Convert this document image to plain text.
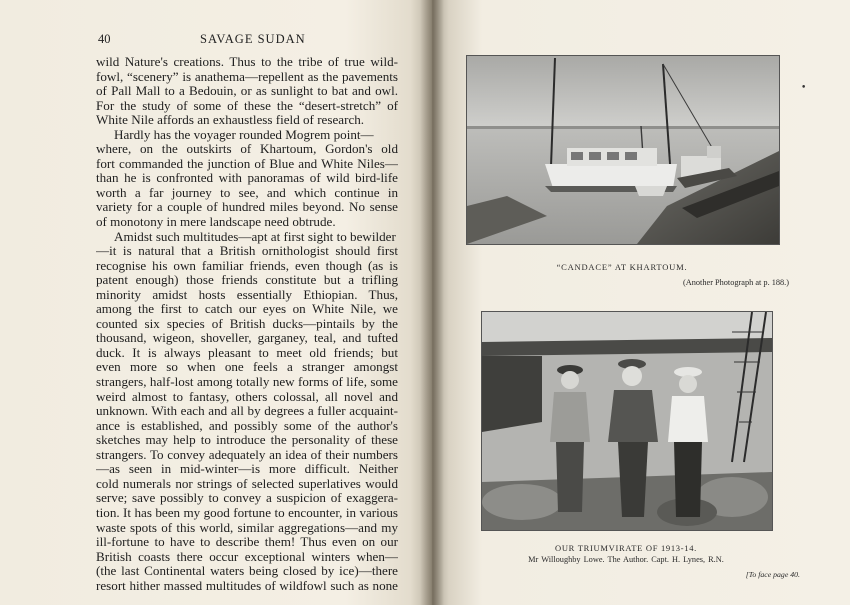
40	SAVAGE SUDAN
wild Nature's creations. Thus to the tribe of true wild-
fowl, “scenery” is anathema—repellent as the pavements
of Pall Mall to a Bedouin, or as sunlight to bat and owl.
For the study of some of these the “desert-stretch” of
White Nile affords an exhaustless field of research.
Hardly has the voyager rounded Mogrem point—
where, on the outskirts of Khartoum, Gordon's old
fort commanded the junction of Blue and White Niles—
than he is confronted with panoramas of wild bird-life
worth a far journey to see, and which continue in
variety for a couple of hundred miles beyond. No sense
of monotony in mere landscape need obtrude.
Amidst such multitudes—apt at first sight to bewilder
—it is natural that a British ornithologist should first
recognise his own familiar friends, even though (as is
patent enough) those friends constitute but a trifling
minority amidst hosts essentially Ethiopian. Thus,
among the first to catch our eyes on White Nile, we
counted six species of British ducks—pintails by the
thousand, wigeon, shoveller, garganey, teal, and tufted
duck. It is always pleasant to meet old friends; but
even more so when one feels a stranger amongst
strangers, half-lost among totally new forms of life, some
weird almost to fantasy, others colossal, all novel and
unknown. With each and all by degrees a fuller acquaint-
ance is established, and possibly some of the author's
sketches may help to introduce the personality of these
strangers. To convey adequately an idea of their numbers
—as seen in mid-winter—is more difficult. Neither
cold numerals nor strings of selected superlatives would
serve; save possibly to convey a suspicion of exaggera-
tion. It has been my good fortune to encounter, in various
waste spots of this world, similar aggregations—and my
ill-fortune to have to describe them! Thus even on our
British coasts there occur exceptional winters when—
(the last Continental waters being closed by ice)—there
resort hither massed multitudes of wildfowl such as none
“CANDACE” AT KHARTOUM.
(Another Photograph at p. 188.)
OUR TRIUMVIRATE OF 1913-14.
Mr Willoughby Lowe. The Author. Capt. H. Lynes, R.N.
[To face page 40.
•
